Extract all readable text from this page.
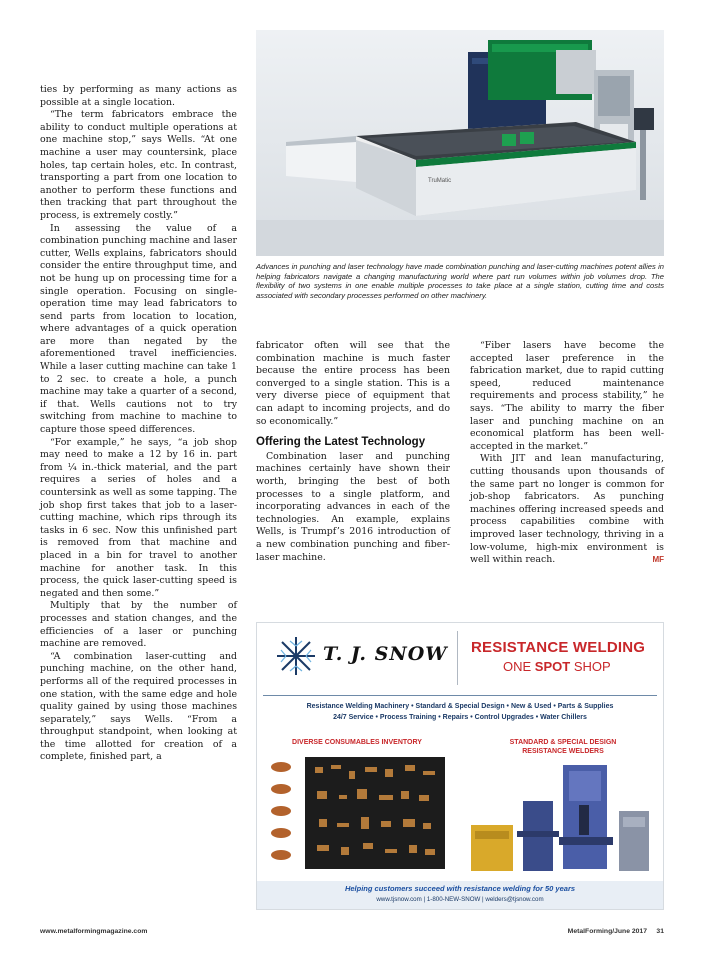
ties by performing as many actions as possible at a single location.

“The term fabricators embrace the ability to conduct multiple operations at one machine stop,” says Wells. “At one machine a user may countersink, place holes, tap certain holes, etc. In contrast, transporting a part from one location to another to perform these functions and then tracking that part throughout the process, is extremely costly.”

In assessing the value of a combination punching machine and laser cutter, Wells explains, fabricators should consider the entire throughput time, and not be hung up on processing time for a single operation. Focusing on single-operation time may lead fabricators to send parts from location to location, where advantages of a quick operation are more than negated by the aforementioned travel inefficiencies. While a laser cutting machine can take 1 to 2 sec. to create a hole, a punch machine may take a quarter of a second, if that. Wells cautions not to try switching from machine to machine to capture those speed differences.

“For example,” he says, “a job shop may need to make a 12 by 16 in. part from ¼ in.-thick material, and the part requires a series of holes and a countersink as well as some tapping. The job shop first takes that job to a laser-cutting machine, which rips through its tasks in 6 sec. Now this unfinished part is removed from that machine and placed in a bin for travel to another machine for another task. In this process, the quick laser-cutting speed is negated and then some.”

Multiply that by the number of processes and station changes, and the efficiencies of a laser or punching machine are removed.

“A combination laser-cutting and punching machine, on the other hand, performs all of the required processes in one station, with the same edge and hole quality gained by using those machines separately,” says Wells. “From a throughput standpoint, when looking at the time allotted for creation of a complete, finished part, a

TruMatic
Advances in punching and laser technology have made combination punching and laser-cutting machines potent allies in helping fabricators navigate a changing manufacturing world where part run volumes within job volumes drop. The flexibility of two systems in one enable multiple processes to take place at a single station, cutting time and costs associated with secondary processes performed on other machinery.

fabricator often will see that the combination machine is much faster because the entire process has been converged to a single station. This is a very diverse piece of equipment that can adapt to incoming projects, and do so economically.”

Offering the Latest Technology

Combination laser and punching machines certainly have shown their worth, bringing the best of both processes to a single platform, and incorporating advances in each of the technologies. An example, explains Wells, is Trumpf’s 2016 introduction of a new combination punching and fiber-laser machine.

“Fiber lasers have become the accepted laser preference in the fabrication market, due to rapid cutting speed, reduced maintenance requirements and process stability,” he says. “The ability to marry the fiber laser and punching machine on an economical platform has been well-accepted in the market.”

With JIT and lean manufacturing, cutting thousands upon thousands of the same part no longer is common for job-shop fabricators. As punching machines offering increased speeds and process capabilities combine with improved laser technology, thriving in a low-volume, high-mix environment is well within reach.	MF

T. J. SNOW RESISTANCE WELDING
ONE SPOT SHOP
Resistance Welding Machinery • Standard & Special Design • New & Used • Parts & Supplies
24/7 Service • Process Training • Repairs • Control Upgrades • Water Chillers
DIVERSE CONSUMABLES INVENTORY	STANDARD & SPECIAL DESIGN
RESISTANCE WELDERS
Helping customers succeed with resistance welding for 50 years
www.tjsnow.com | 1-800-NEW-SNOW | welders@tjsnow.com
www.metalformingmagazine.com	MetalForming/June 2017     31
